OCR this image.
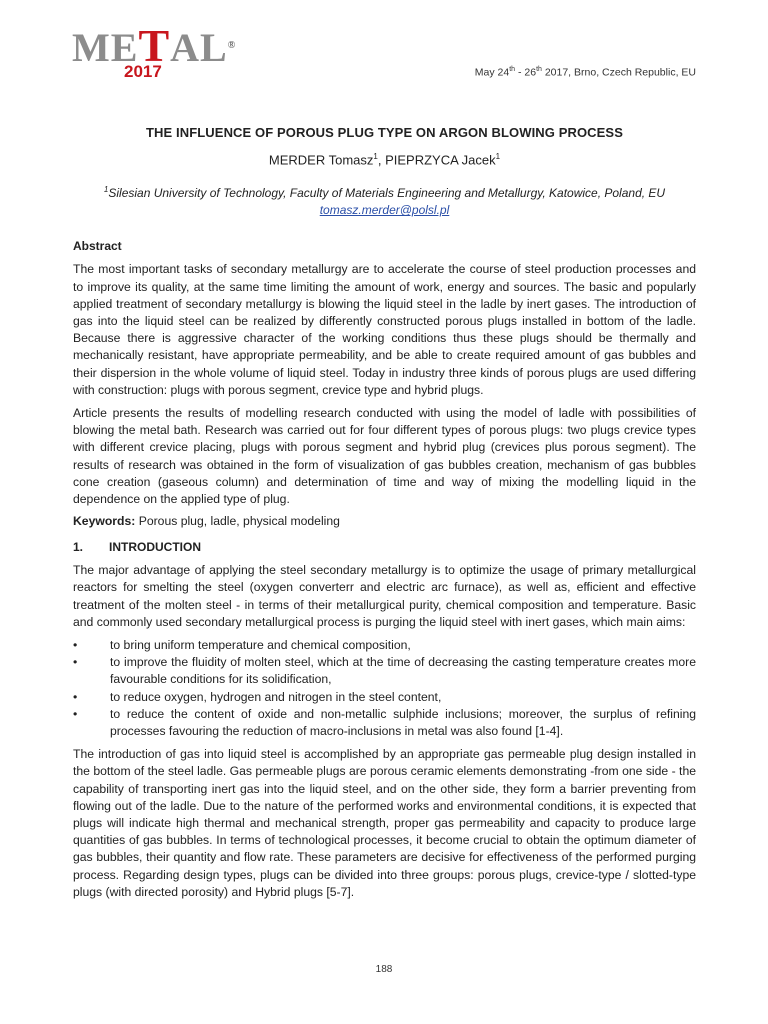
METAL®
2017	May 24th - 26th 2017, Brno, Czech Republic, EU
THE INFLUENCE OF POROUS PLUG TYPE ON ARGON BLOWING PROCESS
MERDER Tomasz$^1$, PIEPRZYCA Jacek$^1$

$^1$Silesian University of Technology, Faculty of Materials Engineering and Metallurgy, Katowice, Poland, EU

tomasz.merder@polsl.pl

Abstract

The most important tasks of secondary metallurgy are to accelerate the course of steel production processes and to improve its quality, at the same time limiting the amount of work, energy and sources. The basic and popularly applied treatment of secondary metallurgy is blowing the liquid steel in the ladle by inert gases. The introduction of gas into the liquid steel can be realized by differently constructed porous plugs installed in bottom of the ladle. Because there is aggressive character of the working conditions thus these plugs should be thermally and mechanically resistant, have appropriate permeability, and be able to create required amount of gas bubbles and their dispersion in the whole volume of liquid steel. Today in industry three kinds of porous plugs are used differing with construction: plugs with porous segment, crevice type and hybrid plugs.

Article presents the results of modelling research conducted with using the model of ladle with possibilities of blowing the metal bath. Research was carried out for four different types of porous plugs: two plugs crevice types with different crevice placing, plugs with porous segment and hybrid plug (crevices plus porous segment). The results of research was obtained in the form of visualization of gas bubbles creation, mechanism of gas bubbles cone creation (gaseous column) and determination of time and way of mixing the modelling liquid in the dependence on the applied type of plug.

Keywords: Porous plug, ladle, physical modeling
1. INTRODUCTION

The major advantage of applying the steel secondary metallurgy is to optimize the usage of primary metallurgical reactors for smelting the steel (oxygen converterr and electric arc furnace), as well as, efficient and effective treatment of the molten steel - in terms of their metallurgical purity, chemical composition and temperature. Basic and commonly used secondary metallurgical process is purging the liquid steel with inert gases, which main aims:

•	to bring uniform temperature and chemical composition,
•	to improve the fluidity of molten steel, which at the time of decreasing the casting temperature creates more favourable conditions for its solidification,
•	to reduce oxygen, hydrogen and nitrogen in the steel content,
•	to reduce the content of oxide and non-metallic sulphide inclusions; moreover, the surplus of refining processes favouring the reduction of macro-inclusions in metal was also found [1-4].

The introduction of gas into liquid steel is accomplished by an appropriate gas permeable plug design installed in the bottom of the steel ladle. Gas permeable plugs are porous ceramic elements demonstrating -from one side - the capability of transporting inert gas into the liquid steel, and on the other side, they form a barrier preventing from flowing out of the ladle. Due to the nature of the performed works and environmental conditions, it is expected that plugs will indicate high thermal and mechanical strength, proper gas permeability and capacity to produce large quantities of gas bubbles. In terms of technological processes, it become crucial to obtain the optimum diameter of gas bubbles, their quantity and flow rate. These parameters are decisive for effectiveness of the performed purging process. Regarding design types, plugs can be divided into three groups: porous plugs, crevice-type / slotted-type plugs (with directed porosity) and Hybrid plugs [5-7].

188
